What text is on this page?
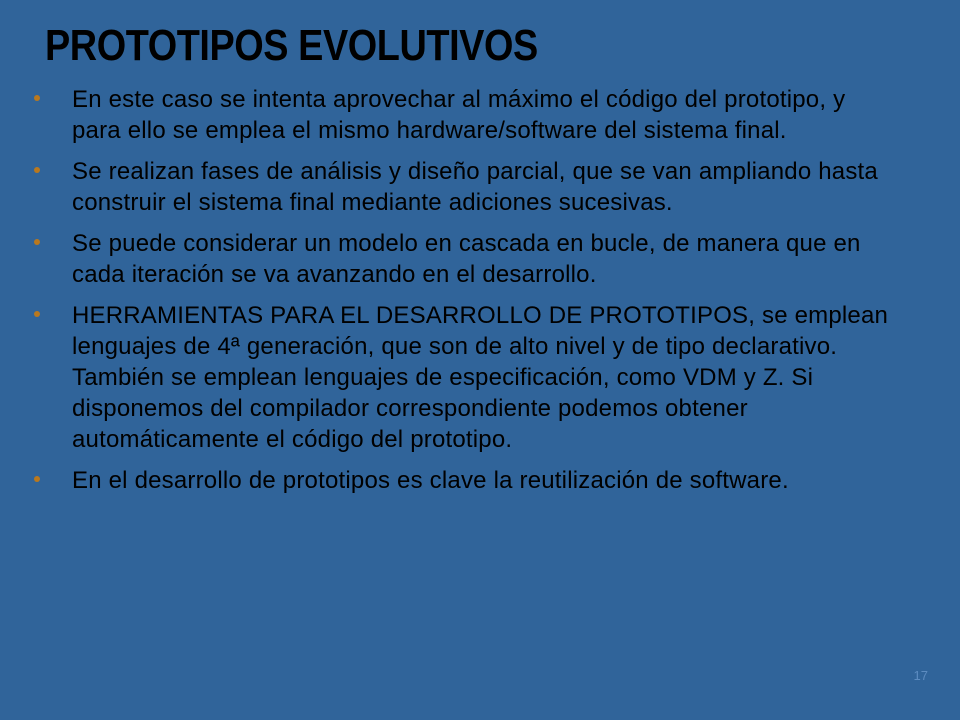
PROTOTIPOS EVOLUTIVOS
En este caso se intenta aprovechar al máximo el código del prototipo, y para ello se emplea el mismo hardware/software del sistema final.
Se realizan fases de análisis y diseño parcial, que se van ampliando hasta construir el sistema final mediante adiciones sucesivas.
Se puede considerar un modelo en cascada en bucle, de manera que en cada iteración se va avanzando en el desarrollo.
HERRAMIENTAS PARA EL DESARROLLO DE PROTOTIPOS, se emplean lenguajes de 4ª generación, que son de alto nivel y de tipo declarativo. También se emplean lenguajes de especificación, como VDM y Z. Si disponemos del compilador correspondiente podemos obtener automáticamente el código del prototipo.
En el desarrollo de prototipos es clave la reutilización de software.
17
